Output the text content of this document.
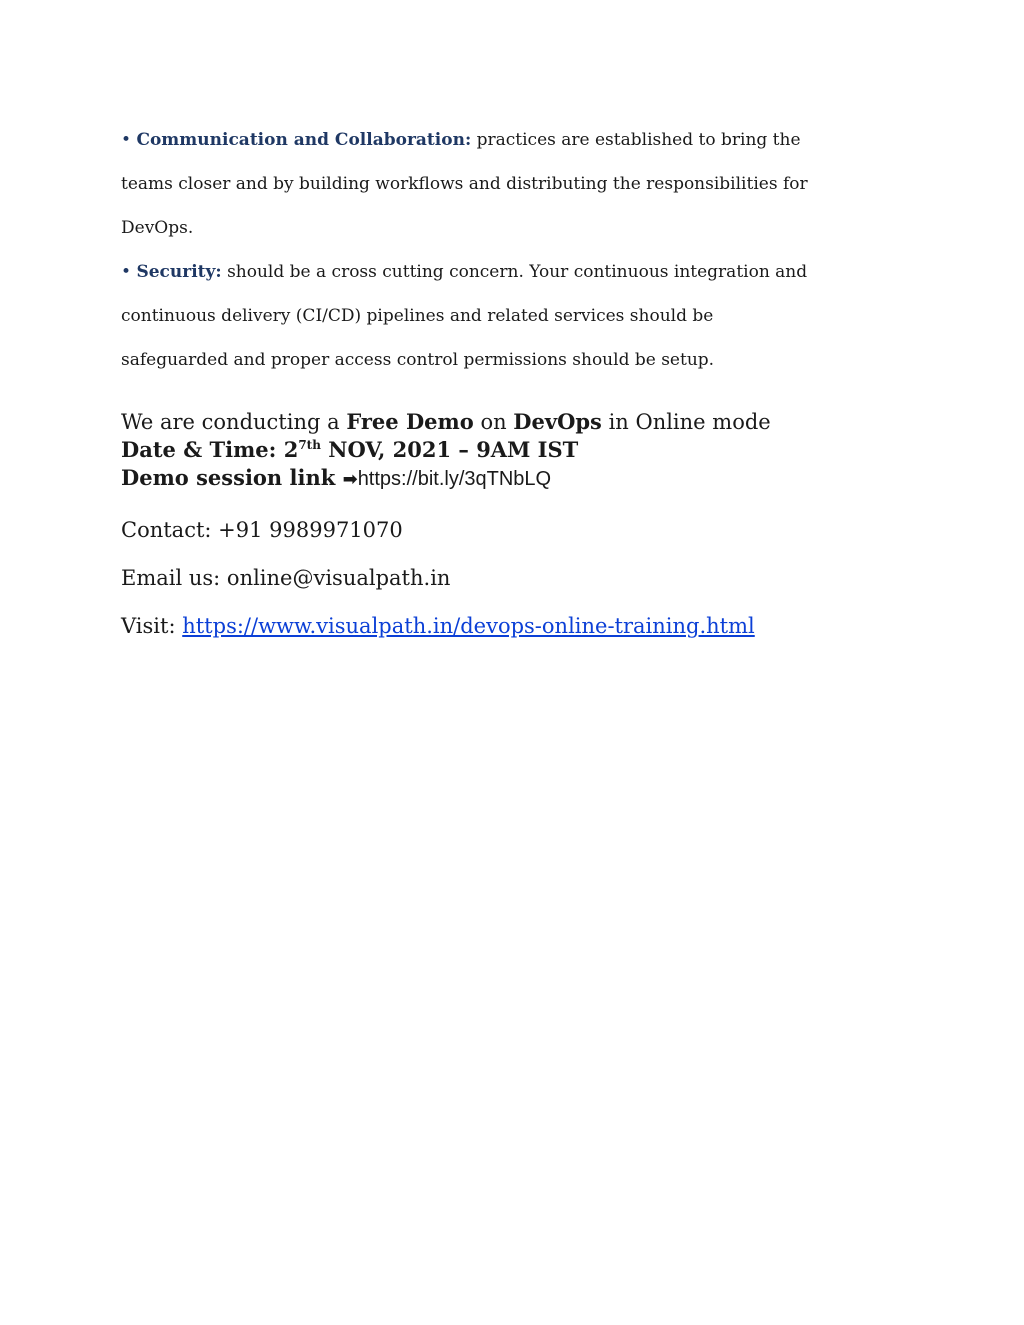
• Communication and Collaboration: practices are established to bring the
teams closer and by building workflows and distributing the responsibilities for
DevOps.
• Security: should be a cross cutting concern. Your continuous integration and
continuous delivery (CI/CD) pipelines and related services should be
safeguarded and proper access control permissions should be setup.
We are conducting a Free Demo on DevOps in Online mode
Date & Time: $2^{7th}$ NOV, 2021 – 9AM IST
Demo session link ➡https://bit.ly/3qTNbLQ
Contact: +91 9989971070
Email us: online@visualpath.in
Visit: https://www.visualpath.in/devops-online-training.html
